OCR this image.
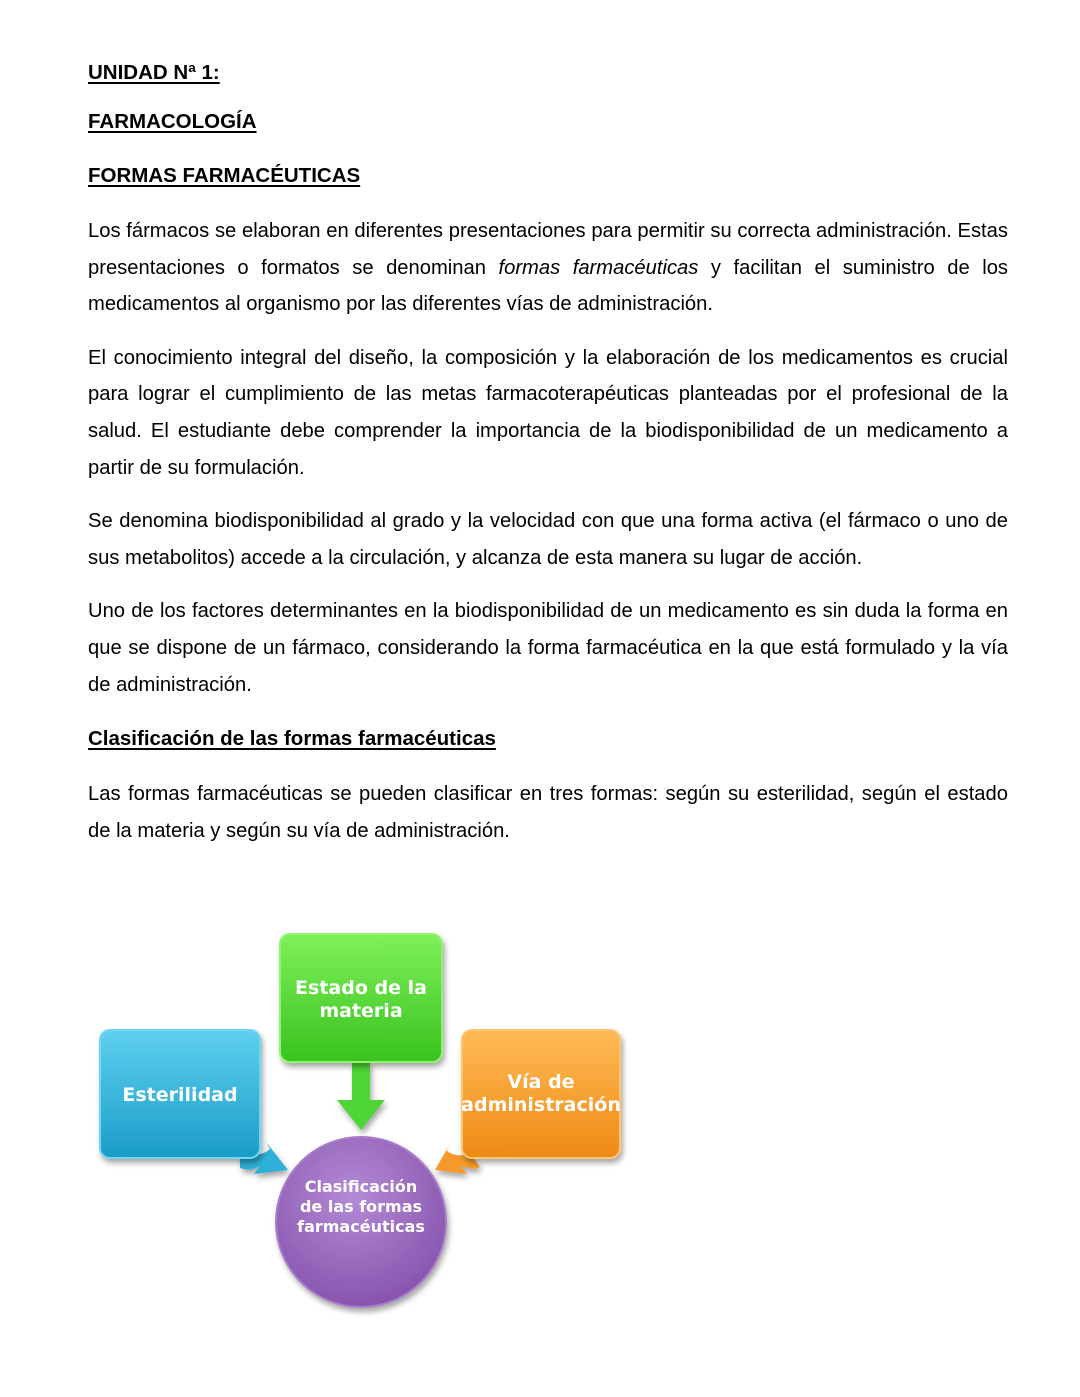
UNIDAD Nª 1:
FARMACOLOGÍA
FORMAS FARMACÉUTICAS

Los fármacos se elaboran en diferentes presentaciones para permitir su correcta administración. Estas presentaciones o formatos se denominan formas farmacéuticas y facilitan el suministro de los medicamentos al organismo por las diferentes vías de administración.

El conocimiento integral del diseño, la composición y la elaboración de los medicamentos es crucial para lograr el cumplimiento de las metas farmacoterapéuticas planteadas por el profesional de la salud. El estudiante debe comprender la importancia de la biodisponibilidad de un medicamento a partir de su formulación.

Se denomina biodisponibilidad al grado y la velocidad con que una forma activa (el fármaco o uno de sus metabolitos) accede a la circulación, y alcanza de esta manera su lugar de acción.

Uno de los factores determinantes en la biodisponibilidad de un medicamento es sin duda la forma en que se dispone de un fármaco, considerando la forma farmacéutica en la que está formulado y la vía de administración.

Clasificación de las formas farmacéuticas

Las formas farmacéuticas se pueden clasificar en tres formas: según su esterilidad, según el estado de la materia y según su vía de administración.

Clasificación
de las formas
farmacéuticas
Esterilidad
Estado de la
materia
Vía de
administración
